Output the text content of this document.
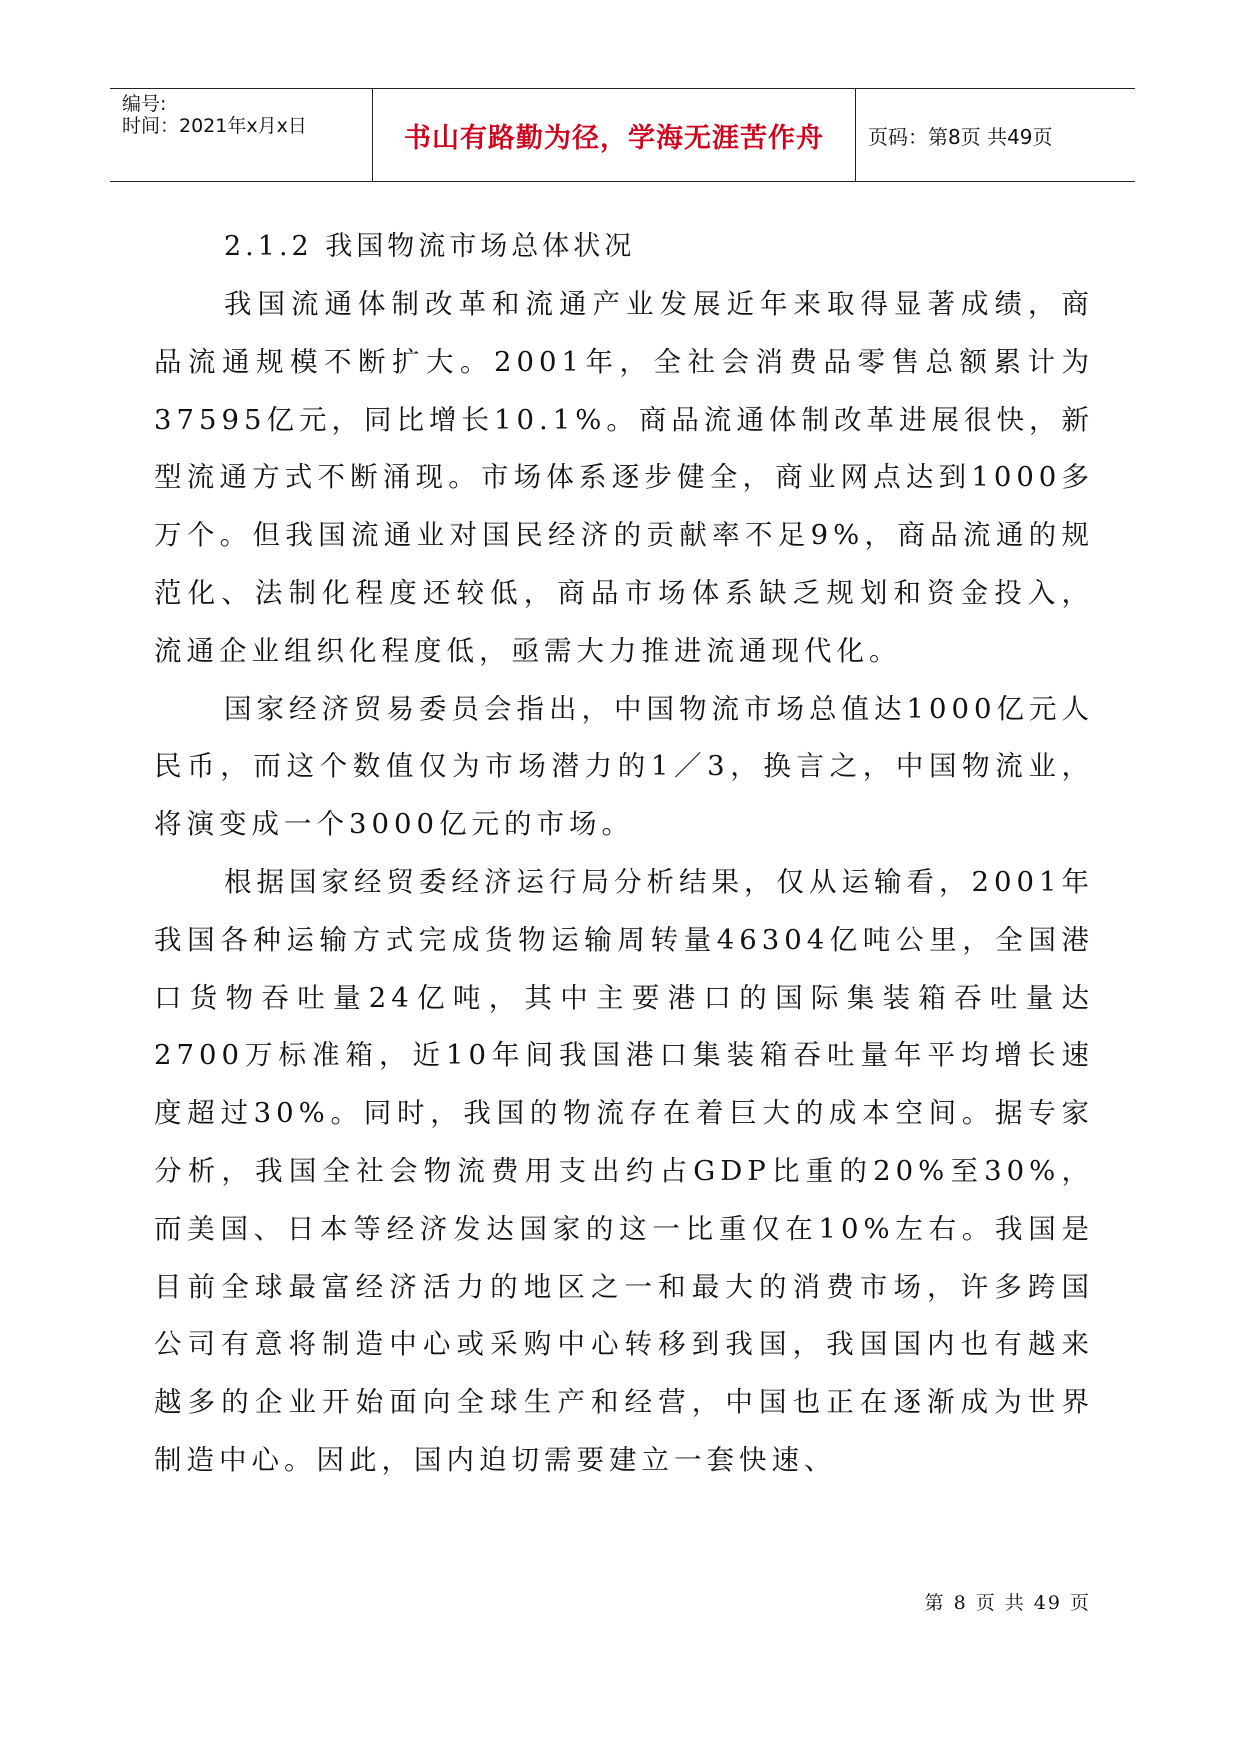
编号:
时间：2021年x月x日	书山有路勤为径，学海无涯苦作舟 页码：第8页 共49页
2.1.2 我国物流市场总体状况

我国流通体制改革和流通产业发展近年来取得显著成绩，商品流通规模不断扩大。2001年，全社会消费品零售总额累计为37595亿元，同比增长10.1%。商品流通体制改革进展很快，新型流通方式不断涌现。市场体系逐步健全，商业网点达到1000多万个。但我国流通业对国民经济的贡献率不足9%，商品流通的规范化、法制化程度还较低，商品市场体系缺乏规划和资金投入，流通企业组织化程度低，亟需大力推进流通现代化。

国家经济贸易委员会指出，中国物流市场总值达1000亿元人民币，而这个数值仅为市场潜力的1／3，换言之，中国物流业，将演变成一个3000亿元的市场。

根据国家经贸委经济运行局分析结果，仅从运输看，2001年我国各种运输方式完成货物运输周转量46304亿吨公里，全国港口货物吞吐量24亿吨，其中主要港口的国际集装箱吞吐量达2700万标准箱，近10年间我国港口集装箱吞吐量年平均增长速度超过30%。同时，我国的物流存在着巨大的成本空间。据专家分析，我国全社会物流费用支出约占GDP比重的20%至30%，而美国、日本等经济发达国家的这一比重仅在10%左右。我国是目前全球最富经济活力的地区之一和最大的消费市场，许多跨国公司有意将制造中心或采购中心转移到我国，我国国内也有越来越多的企业开始面向全球生产和经营，中国也正在逐渐成为世界制造中心。因此，国内迫切需要建立一套快速、

第 8 页 共 49 页
